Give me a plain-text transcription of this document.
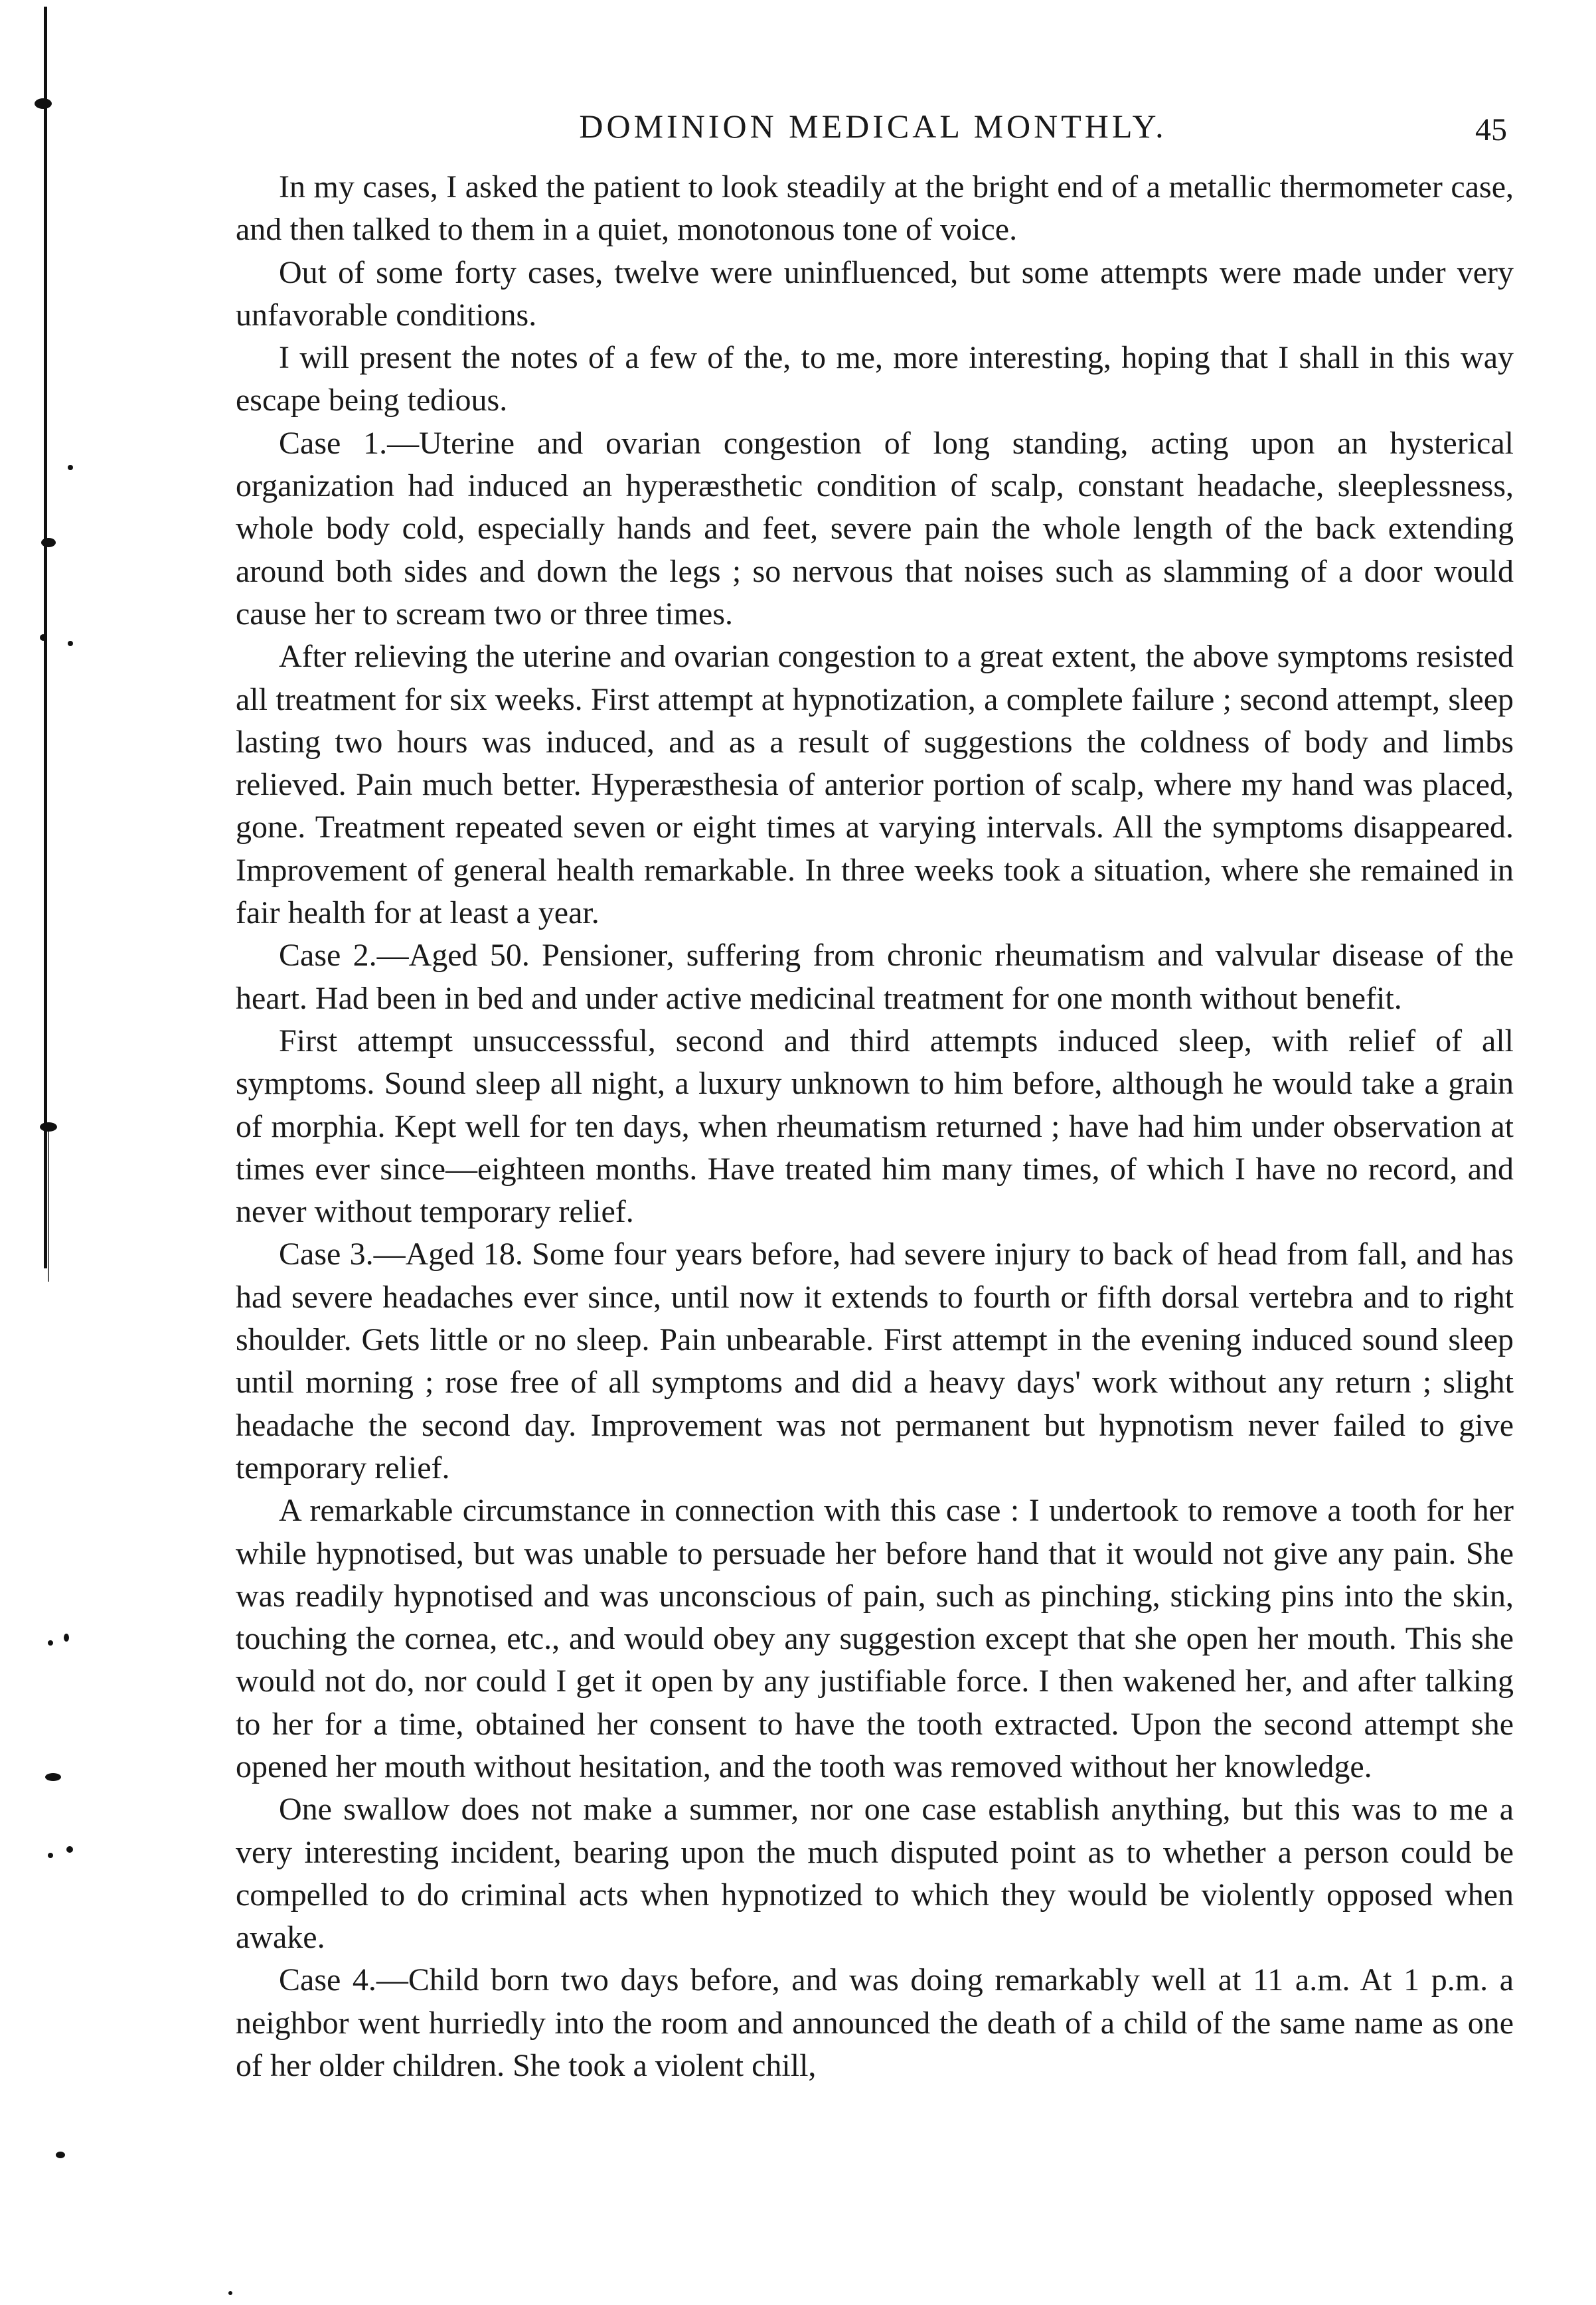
DOMINION MEDICAL MONTHLY.	45

In my cases, I asked the patient to look steadily at the bright end of a metallic thermometer case, and then talked to them in a quiet, monotonous tone of voice.

Out of some forty cases, twelve were uninfluenced, but some attempts were made under very unfavorable conditions.

I will present the notes of a few of the, to me, more interesting, hoping that I shall in this way escape being tedious.

Case 1.—Uterine and ovarian congestion of long standing, acting upon an hysterical organization had induced an hyperæsthetic condition of scalp, constant headache, sleeplessness, whole body cold, especially hands and feet, severe pain the whole length of the back extending around both sides and down the legs ; so nervous that noises such as slamming of a door would cause her to scream two or three times.

After relieving the uterine and ovarian congestion to a great extent, the above symptoms resisted all treatment for six weeks. First attempt at hypnotization, a complete failure ; second attempt, sleep lasting two hours was induced, and as a result of suggestions the coldness of body and limbs relieved. Pain much better. Hyperæsthesia of anterior portion of scalp, where my hand was placed, gone. Treatment repeated seven or eight times at varying intervals. All the symptoms disappeared. Improvement of general health remarkable. In three weeks took a situation, where she remained in fair health for at least a year.

Case 2.—Aged 50. Pensioner, suffering from chronic rheumatism and valvular disease of the heart. Had been in bed and under active medicinal treatment for one month without benefit.

First attempt unsuccesssful, second and third attempts induced sleep, with relief of all symptoms. Sound sleep all night, a luxury unknown to him before, although he would take a grain of morphia. Kept well for ten days, when rheumatism returned ; have had him under observation at times ever since—eighteen months. Have treated him many times, of which I have no record, and never without temporary relief.

Case 3.—Aged 18. Some four years before, had severe injury to back of head from fall, and has had severe headaches ever since, until now it extends to fourth or fifth dorsal vertebra and to right shoulder. Gets little or no sleep. Pain unbearable. First attempt in the evening induced sound sleep until morning ; rose free of all symptoms and did a heavy days' work without any return ; slight headache the second day. Improvement was not permanent but hypnotism never failed to give temporary relief.

A remarkable circumstance in connection with this case : I undertook to remove a tooth for her while hypnotised, but was unable to persuade her before hand that it would not give any pain. She was readily hypnotised and was unconscious of pain, such as pinching, sticking pins into the skin, touching the cornea, etc., and would obey any suggestion except that she open her mouth. This she would not do, nor could I get it open by any justifiable force. I then wakened her, and after talking to her for a time, obtained her consent to have the tooth extracted. Upon the second attempt she opened her mouth without hesitation, and the tooth was removed without her knowledge.

One swallow does not make a summer, nor one case establish anything, but this was to me a very interesting incident, bearing upon the much disputed point as to whether a person could be compelled to do criminal acts when hypnotized to which they would be violently opposed when awake.

Case 4.—Child born two days before, and was doing remarkably well at 11 a.m. At 1 p.m. a neighbor went hurriedly into the room and announced the death of a child of the same name as one of her older children. She took a violent chill,
